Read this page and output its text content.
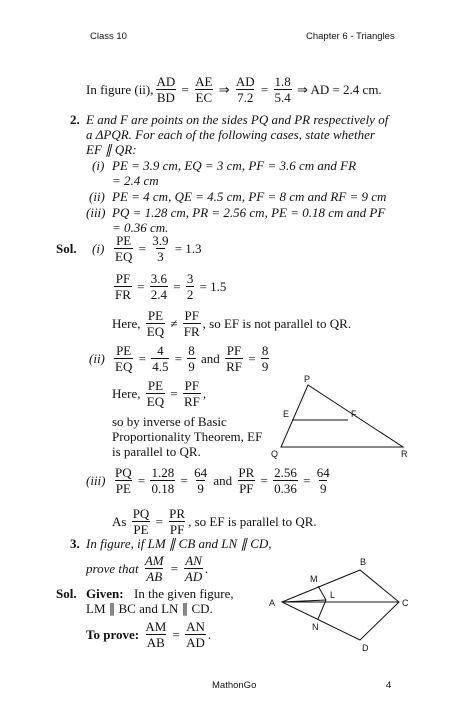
Class 10	Chapter 6 - Triangles
In figure (ii), $\frac{AD}{BD} = \frac{AE}{EC}$ ⇒ $\frac{AD}{7.2} = \frac{1.8}{5.4}$
⇒ AD = 2.4 cm.
2. E and F are points on the sides PQ and PR respectively of
a ΔPQR. For each of the following cases, state whether
EF ∥ QR:
(i) PE = 3.9 cm, EQ = 3 cm, PF = 3.6 cm and FR
= 2.4 cm
(ii) PE = 4 cm, QE = 4.5 cm, PF = 8 cm and RF = 9 cm
(iii) PQ = 1.28 cm, PR = 2.56 cm, PE = 0.18 cm and PF
= 0.36 cm.
Sol. $(i) \frac{PE}{EQ} = \frac{3.9}{3}$
= 1.3
$\frac{PF}{FR} = \frac{3.6}{2.4} = \frac{3}{2}$
= 1.5
Here,
$\frac{PE}{EQ}$
≠
$\frac{PF}{FR}$ , so EF is not parallel to QR.
$(ii) \frac{PE}{EQ} = \frac{4}{4.5} = \frac{8}{9}$
and
$\frac{PF}{RF} = \frac{8}{9}$
Here,
$\frac{PE}{EQ} = \frac{PF}{RF}$ ,
so by inverse of Basic
Proportionality Theorem, EF
is parallel to QR.
P
E	F
Q	R
$(iii) \frac{PQ}{PE} = \frac{1.28}{0.18} = \frac{64}{9}$
and
$\frac{PR}{PF} = \frac{2.56}{0.36} = \frac{64}{9}$
As
$\frac{PQ}{PE} = \frac{PR}{PF}$ , so EF is parallel to QR.
3. In figure, if LM ∥ CB and LN ∥ CD,
prove that
$\frac{AM}{AB} = \frac{AN}{AD}$ .
Sol. Given: In the given figure,
LM ∥ BC and LN ∥ CD.
To prove:
$\frac{AM}{AB} = \frac{AN}{AD}$ .
A
B
C
D
L
M
N
MathonGo	4
